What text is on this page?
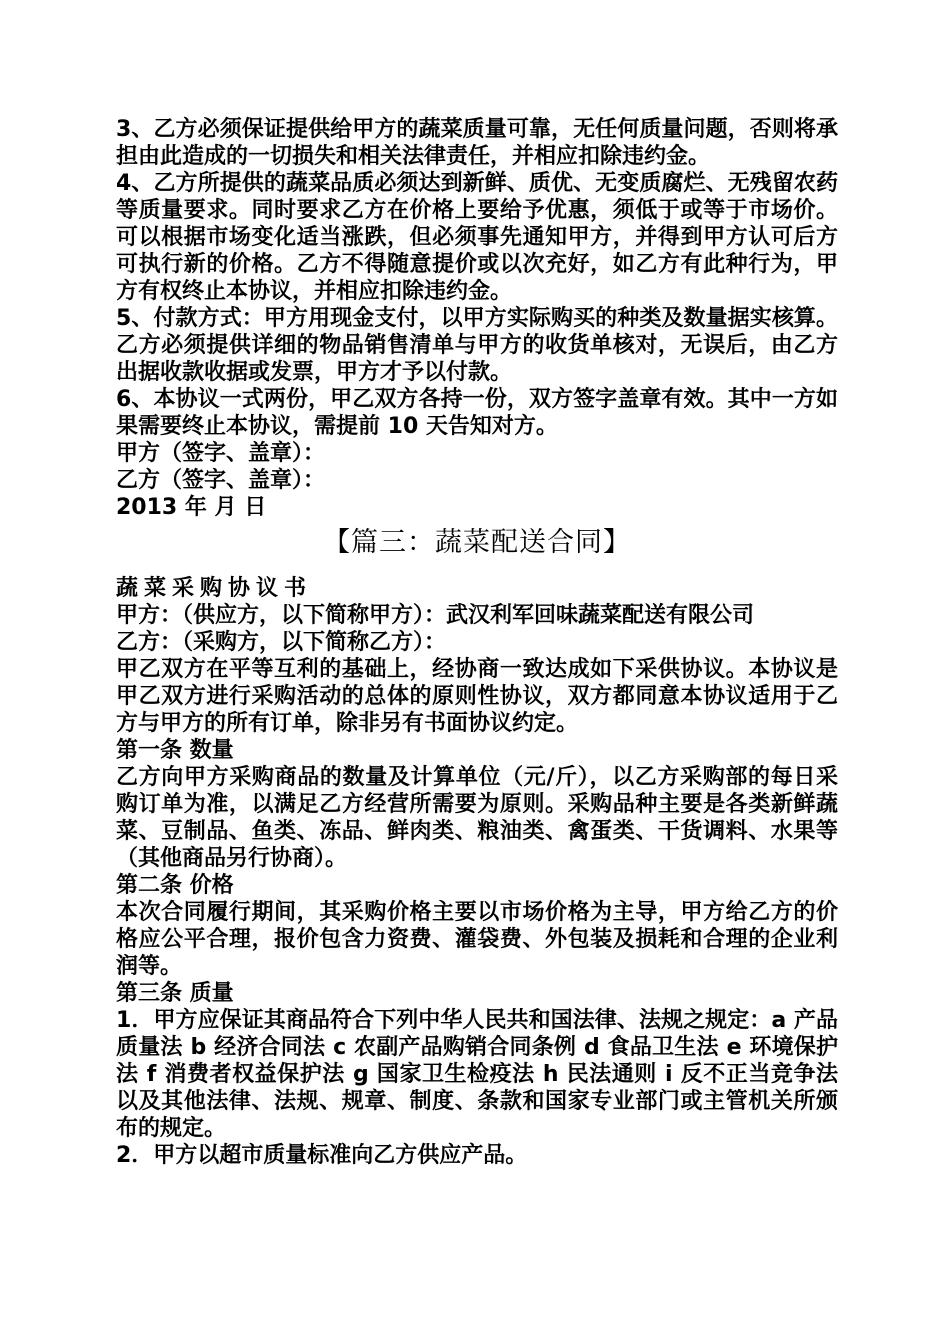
3、乙方必须保证提供给甲方的蔬菜质量可靠，无任何质量问题，否则将承担由此造成的一切损失和相关法律责任，并相应扣除违约金。

4、乙方所提供的蔬菜品质必须达到新鲜、质优、无变质腐烂、无残留农药等质量要求。同时要求乙方在价格上要给予优惠，须低于或等于市场价。可以根据市场变化适当涨跌，但必须事先通知甲方，并得到甲方认可后方可执行新的价格。乙方不得随意提价或以次充好，如乙方有此种行为，甲方有权终止本协议，并相应扣除违约金。

5、付款方式：甲方用现金支付，以甲方实际购买的种类及数量据实核算。乙方必须提供详细的物品销售清单与甲方的收货单核对，无误后，由乙方出据收款收据或发票，甲方才予以付款。

6、本协议一式两份，甲乙双方各持一份，双方签字盖章有效。其中一方如果需要终止本协议，需提前 10 天告知对方。

甲方（签字、盖章）：

乙方（签字、盖章）：

2013 年 月 日

【篇三：蔬菜配送合同】

蔬菜采购协议书

甲方：（供应方，以下简称甲方）：武汉利军回味蔬菜配送有限公司

乙方：（采购方，以下简称乙方）：

甲乙双方在平等互利的基础上，经协商一致达成如下采供协议。本协议是甲乙双方进行采购活动的总体的原则性协议，双方都同意本协议适用于乙方与甲方的所有订单，除非另有书面协议约定。

第一条 数量

乙方向甲方采购商品的数量及计算单位（元/斤），以乙方采购部的每日采购订单为准，以满足乙方经营所需要为原则。采购品种主要是各类新鲜蔬菜、豆制品、鱼类、冻品、鲜肉类、粮油类、禽蛋类、干货调料、水果等（其他商品另行协商）。

第二条 价格

本次合同履行期间，其采购价格主要以市场价格为主导，甲方给乙方的价格应公平合理，报价包含力资费、灌袋费、外包装及损耗和合理的企业利润等。

第三条 质量

1．甲方应保证其商品符合下列中华人民共和国法律、法规之规定：a 产品质量法 b 经济合同法 c 农副产品购销合同条例 d 食品卫生法 e 环境保护法 f 消费者权益保护法 g 国家卫生检疫法 h 民法通则 i 反不正当竞争法以及其他法律、法规、规章、制度、条款和国家专业部门或主管机关所颁布的规定。

2．甲方以超市质量标准向乙方供应产品。
